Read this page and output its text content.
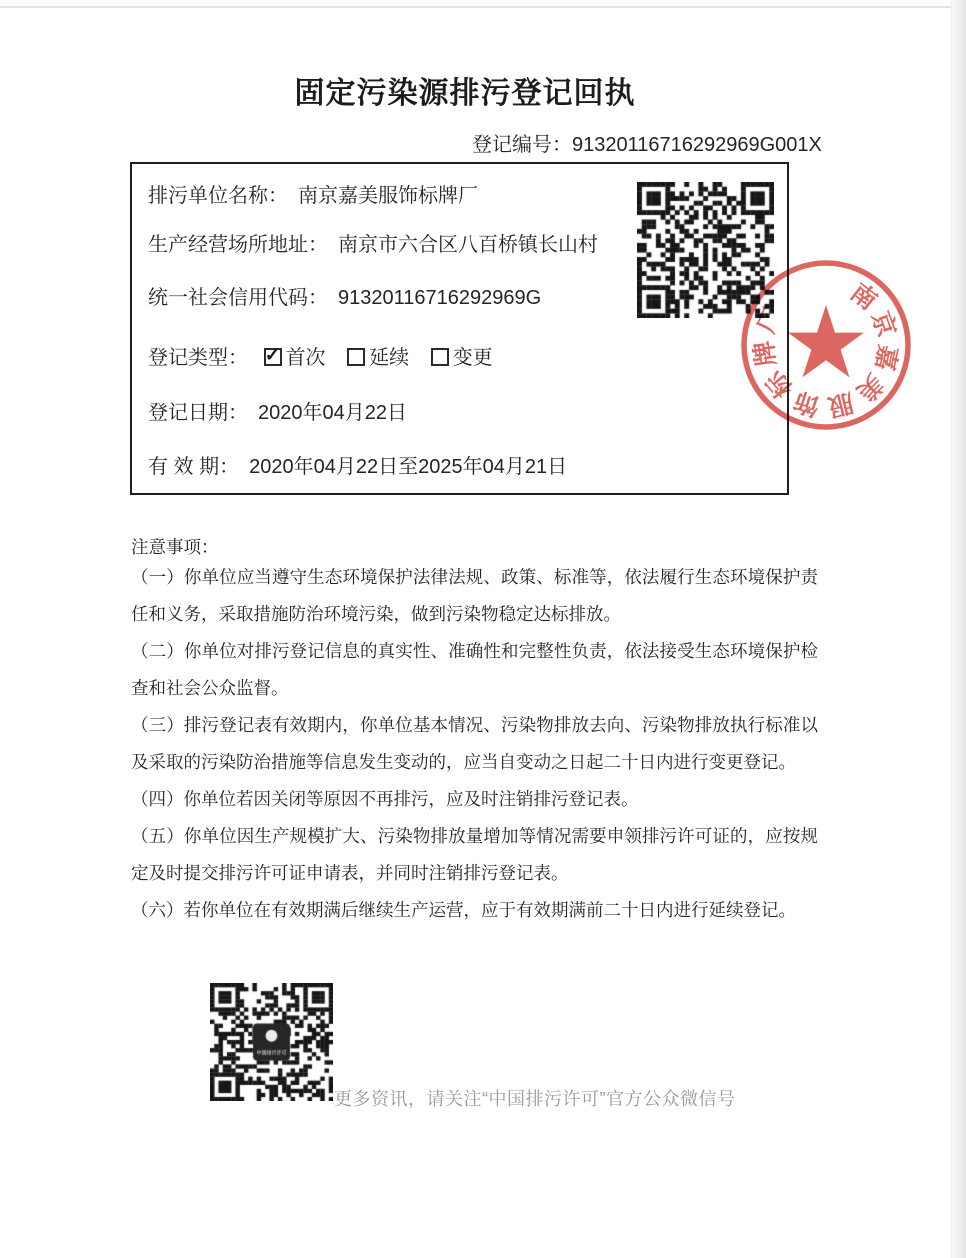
固定污染源排污登记回执
登记编号：91320116716292969G001X
排污单位名称： 南京嘉美服饰标牌厂
生产经营场所地址： 南京市六合区八百桥镇长山村
统一社会信用代码： 91320116716292969G
登记类型： ✓ 首次 延续 变更
登记日期： 2020年04月22日
有 效 期： 2020年04月22日至2025年04月21日
南
京
嘉
美
服
饰
标
牌
厂
注意事项：

（一）你单位应当遵守生态环境保护法律法规、政策、标准等，依法履行生态环境保护责任和义务，采取措施防治环境污染，做到污染物稳定达标排放。

（二）你单位对排污登记信息的真实性、准确性和完整性负责，依法接受生态环境保护检查和社会公众监督。

（三）排污登记表有效期内，你单位基本情况、污染物排放去向、污染物排放执行标准以及采取的污染防治措施等信息发生变动的，应当自变动之日起二十日内进行变更登记。

（四）你单位若因关闭等原因不再排污，应及时注销排污登记表。

（五）你单位因生产规模扩大、污染物排放量增加等情况需要申领排污许可证的，应按规定及时提交排污许可证申请表，并同时注销排污登记表。

（六）若你单位在有效期满后继续生产运营，应于有效期满前二十日内进行延续登记。

更多资讯，请关注“中国排污许可”官方公众微信号
